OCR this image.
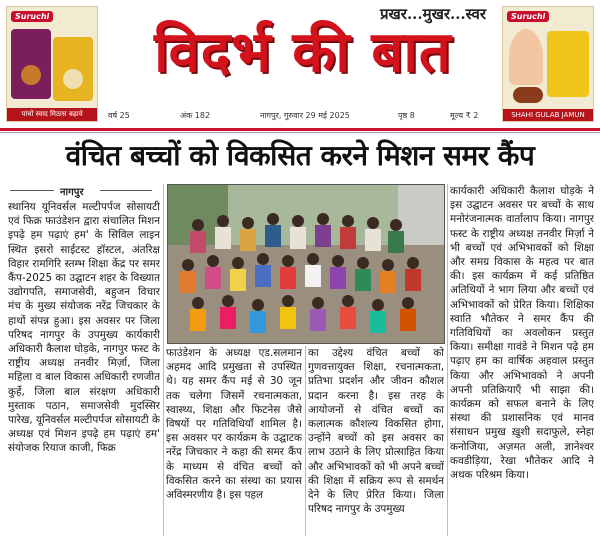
Suruchi
पांचों स्वाद मिठास बढ़ाये
Suruchi
SHAHI GULAB JAMUN
प्रखर...मुखर...स्वर
विदर्भ की बात
वर्ष 25	अंक 182	नागपुर, गुरुवार 29 मई 2025	पृष्ठ 8	मूल्य ₹ 2
वंचित बच्चों को विकसित करने मिशन समर कैंप
नागपुर
स्थानिय यूनिवर्सल मल्टीपर्पज सोसायटी एवं फिक्र फाउंडेशन द्वारा संचालित मिशन इपढ़े हम पढ़ाएं हम' के सिविल लाइन स्थित इसरो साईटस्ट हॉस्टल, अंतरिक्ष विहार रामगिरि स्तम्भ शिक्षा केंद्र पर समर कैंप-2025 का उद्घाटन शहर के विख्यात उद्योगपति, समाजसेवी, बहुजन विचार मंच के मुख्य संयोजक नरेंद्र जिचकार के हाथों संपन्न हुआ। इस अवसर पर जिला परिषद नागपुर के उपमुख्य कार्यकारी अधिकारी कैलाश घोड़के, नागपुर फस्ट के राष्ट्रीय अध्यक्ष तनवीर मिर्ज़ा, जिला महिला व बाल विकास अधिकारी रणजीत कुर्हे, जिला बाल संरक्षण अधिकारी मुस्ताक पठान, समाजसेवी मुदस्सिर पारेख, यूनिवर्सल मल्टीपर्पज सोसायटी के अध्यक्ष एवं मिशन इपढ़े हम पढ़ाएं हम' संयोजक रियाज काजी, फिक्र
फाउंडेशन के अध्यक्ष एड.सलमान अहमद आदि प्रमुखता से उपस्थित थे। यह समर कैंप मई से 30 जून तक चलेगा जिसमें रचनात्मकता, स्वास्थ्य, शिक्षा और फिटनेस जैसे विषयों पर गतिविधियाँ शामिल है। इस अवसर पर कार्यक्रम के उद्घाटक नरेंद्र जिचकार ने कहा की समर कैंप के माध्यम से वंचित बच्चों को विकसित करने का संस्था का प्रयास अविस्मरणीय है। इस पहल
का उद्देश्य वंचित बच्चों को गुणवत्तायुक्त शिक्षा, रचनात्मकता, प्रतिभा प्रदर्शन और जीवन कौशल प्रदान करना है। इस तरह के आयोजनों से वंचित बच्चों का कलात्मक कौशल्य विकसित होगा, उन्होंने बच्चों को इस अवसर का लाभ उठाने के लिए प्रोत्साहित किया और अभिभावकों को भी अपने बच्चों की शिक्षा में सक्रिय रूप से समर्थन देने के लिए प्रेरित किया। जिला परिषद नागपुर के उपमुख्य
कार्यकारी अधिकारी कैलाश घोड़के ने इस उद्घाटन अवसर पर बच्चों के साथ मनोरंजनात्मक वार्तालाप किया। नागपुर फस्ट के राष्ट्रीय अध्यक्ष तनवीर मिर्ज़ा ने भी बच्चों एवं अभिभावकों को शिक्षा और समग्र विकास के महत्व पर बात की। इस कार्यक्रम में कई प्रतिष्ठित अतिथियों ने भाग लिया और बच्चों एवं अभिभावकों को प्रेरित किया। शिक्षिका स्वाति भौतेकर ने समर कैंप की गतिविधियों का अवलोकन प्रस्तुत किया। समीक्षा गावंडे ने मिशन पढ़े हम पढ़ाए हम का वार्षिक अहवाल प्रस्तुत किया और अभिभावको ने अपनी अपनी प्रतिक्रियाएँ भी साझा की। कार्यक्रम को सफल बनाने के लिए संस्था की प्रशासनिक एवं मानव संसाधन प्रमुख ख़ुशी सदाफुले, स्नेहा कनोजिया, अज़मत अली, ज्ञानेश्वर कवडीड़िया, रेखा भौतेकर आदि ने अथक परिश्रम किया।
